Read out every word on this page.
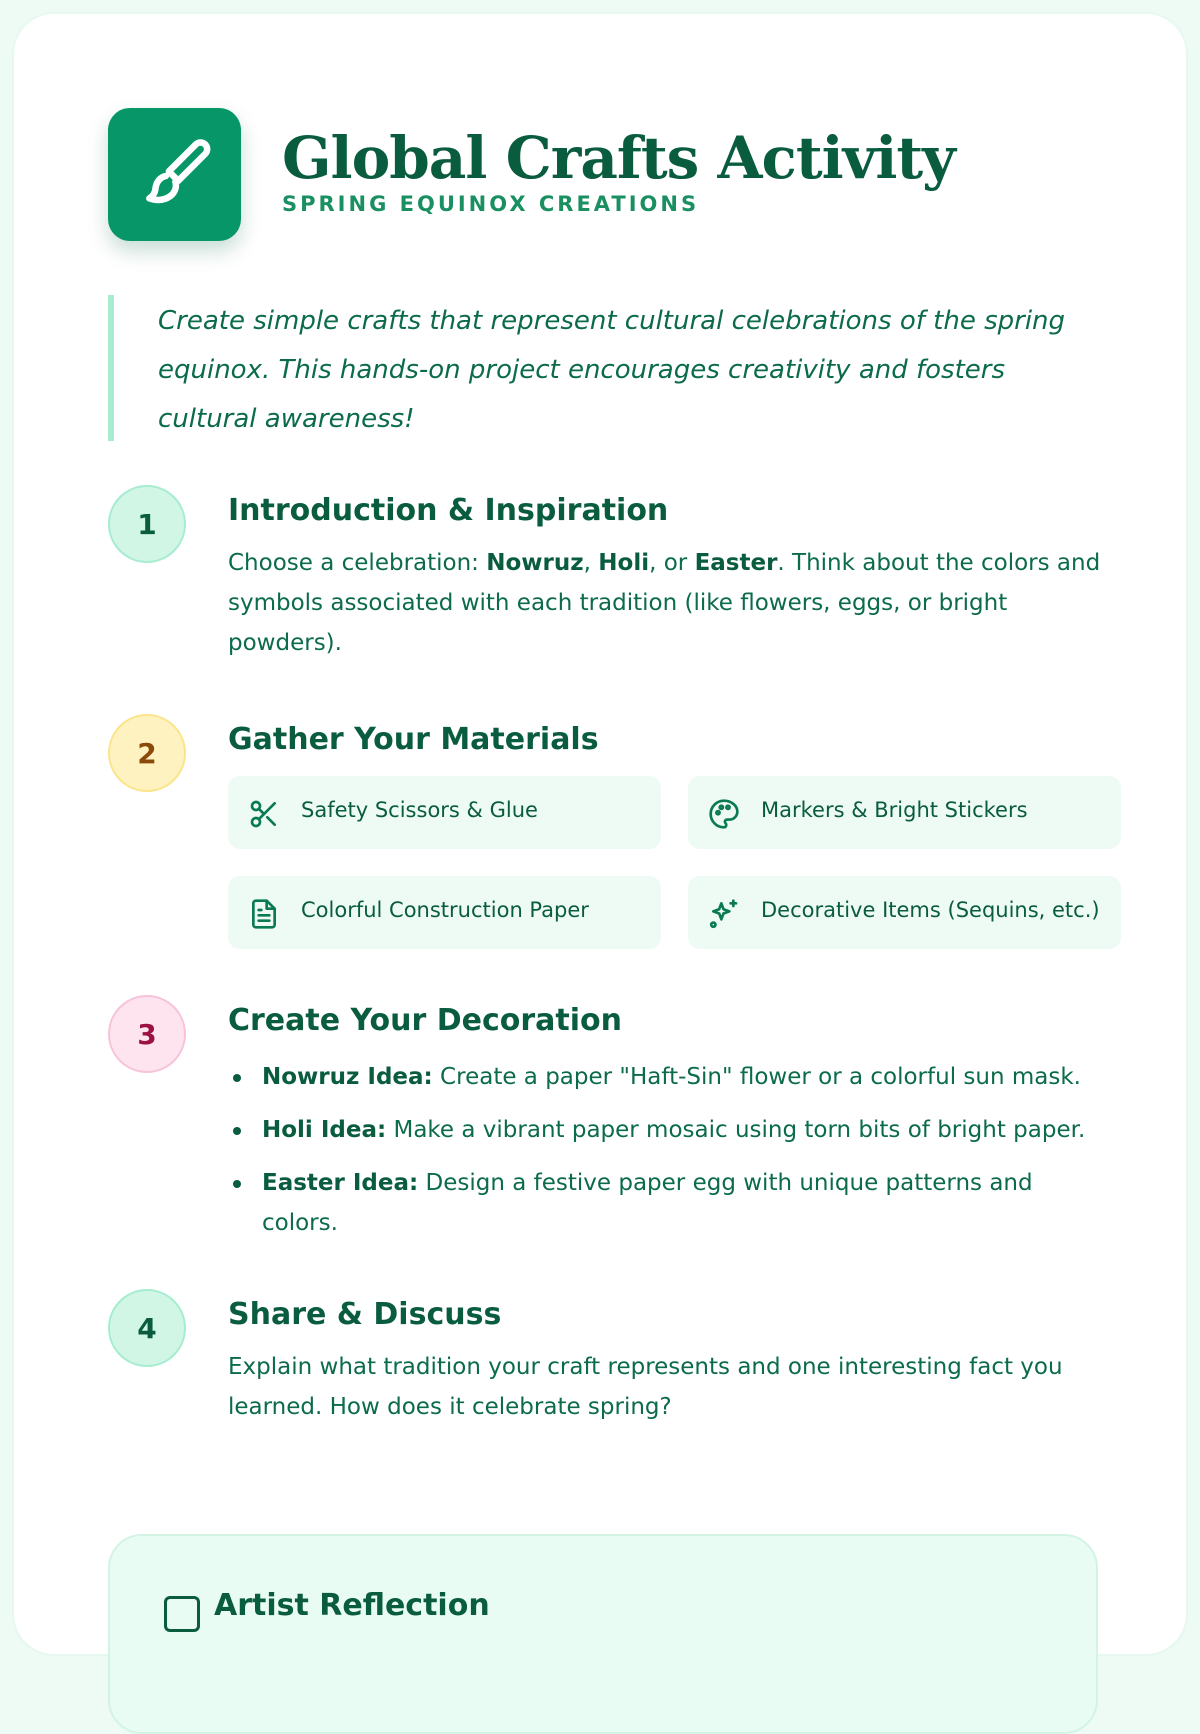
Global Crafts Activity
SPRING EQUINOX CREATIONS
Create simple crafts that represent cultural celebrations of the spring equinox. This hands-on project encourages creativity and fosters cultural awareness!
1	Introduction & Inspiration
Choose a celebration: Nowruz, Holi, or Easter. Think about the colors and symbols associated with each tradition (like flowers, eggs, or bright powders).
2	Gather Your Materials
Safety Scissors & Glue	Markers & Bright Stickers
Colorful Construction Paper	Decorative Items (Sequins, etc.)
3	Create Your Decoration
Nowruz Idea: Create a paper "Haft-Sin" flower or a colorful sun mask.
Holi Idea: Make a vibrant paper mosaic using torn bits of bright paper.
Easter Idea: Design a festive paper egg with unique patterns and colors.
4	Share & Discuss
Explain what tradition your craft represents and one interesting fact you learned. How does it celebrate spring?
Artist Reflection
